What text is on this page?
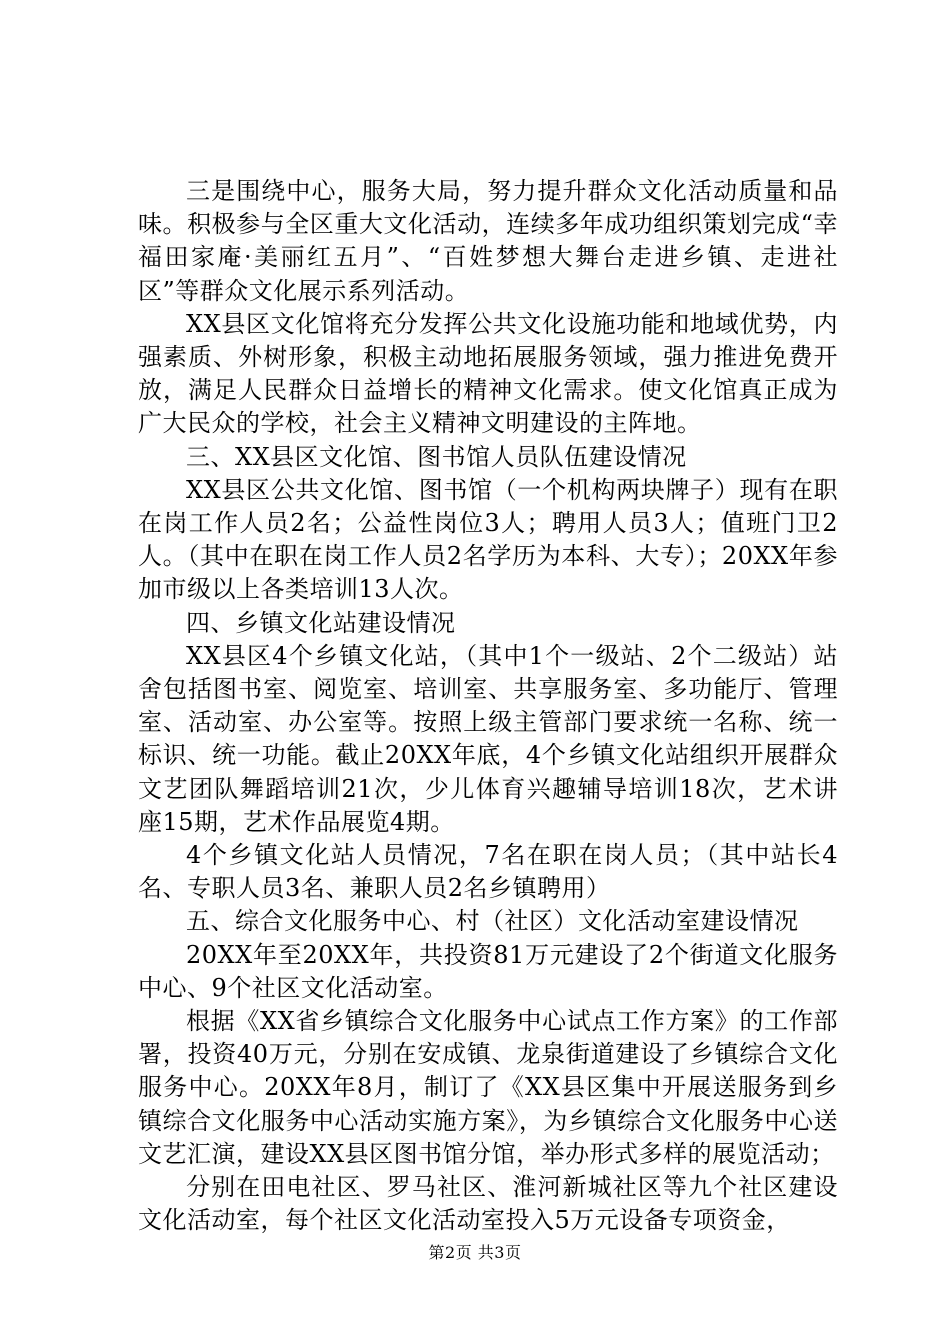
三是围绕中心，服务大局，努力提升群众文化活动质量和品味。积极参与全区重大文化活动，连续多年成功组织策划完成“幸福田家庵·美丽红五月”、“百姓梦想大舞台走进乡镇、走进社区”等群众文化展示系列活动。

XX县区文化馆将充分发挥公共文化设施功能和地域优势，内强素质、外树形象，积极主动地拓展服务领域，强力推进免费开放，满足人民群众日益增长的精神文化需求。使文化馆真正成为广大民众的学校，社会主义精神文明建设的主阵地。

三、XX县区文化馆、图书馆人员队伍建设情况

XX县区公共文化馆、图书馆（一个机构两块牌子）现有在职在岗工作人员2名；公益性岗位3人；聘用人员3人；值班门卫2人。（其中在职在岗工作人员2名学历为本科、大专）；20XX年参加市级以上各类培训13人次。

四、乡镇文化站建设情况

XX县区4个乡镇文化站，（其中1个一级站、2个二级站）站舍包括图书室、阅览室、培训室、共享服务室、多功能厅、管理室、活动室、办公室等。按照上级主管部门要求统一名称、统一标识、统一功能。截止20XX年底，4个乡镇文化站组织开展群众文艺团队舞蹈培训21次，少儿体育兴趣辅导培训18次，艺术讲座15期，艺术作品展览4期。

4个乡镇文化站人员情况，7名在职在岗人员；（其中站长4名、专职人员3名、兼职人员2名乡镇聘用）

五、综合文化服务中心、村（社区）文化活动室建设情况

20XX年至20XX年，共投资81万元建设了2个街道文化服务中心、9个社区文化活动室。

根据《XX省乡镇综合文化服务中心试点工作方案》的工作部署，投资40万元，分别在安成镇、龙泉街道建设了乡镇综合文化服务中心。20XX年8月，制订了《XX县区集中开展送服务到乡镇综合文化服务中心活动实施方案》，为乡镇综合文化服务中心送文艺汇演，建设XX县区图书馆分馆，举办形式多样的展览活动；

分别在田电社区、罗马社区、淮河新城社区等九个社区建设文化活动室，每个社区文化活动室投入5万元设备专项资金，

第2页 共3页
